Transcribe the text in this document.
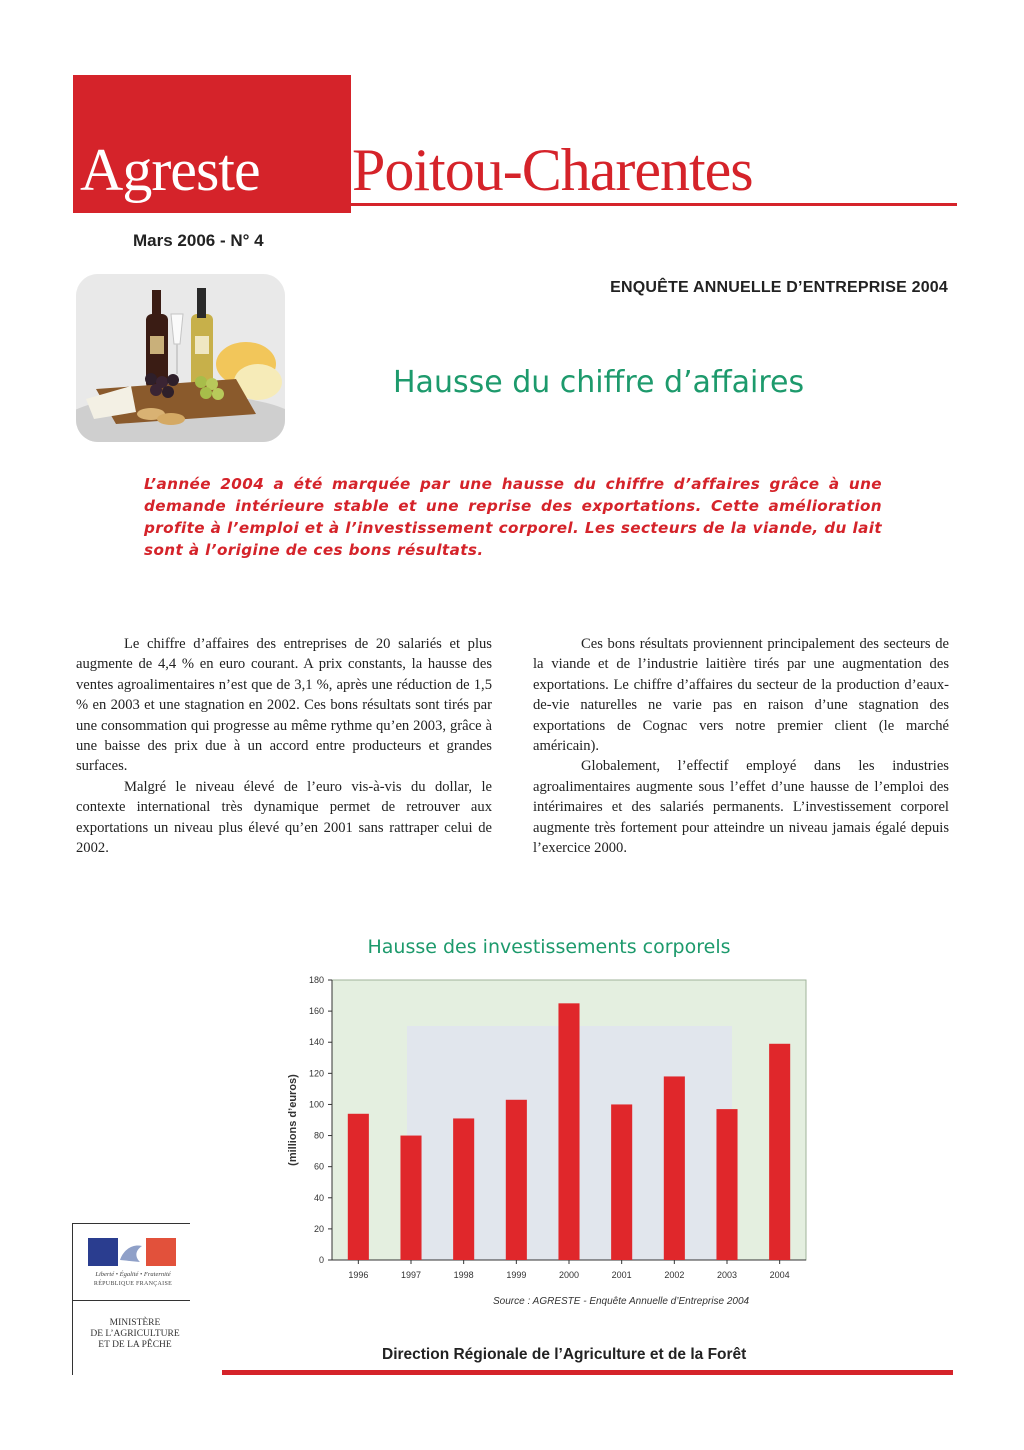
Agreste Poitou-Charentes
Mars 2006 - N° 4
ENQUÊTE ANNUELLE D’ENTREPRISE 2004
Hausse du chiffre d’affaires
L’année 2004 a été marquée par une hausse du chiffre d’affaires grâce à une demande intérieure stable et une reprise des exportations. Cette amélioration profite à l’emploi et à l’investissement corporel. Les secteurs de la viande, du lait sont à l’origine de ces bons résultats.

Le chiffre d’affaires des entreprises de 20 salariés et plus augmente de 4,4 % en euro courant. A prix constants, la hausse des ventes agroalimentaires n’est que de 3,1 %, après une réduction de 1,5 % en 2003 et une stagnation en 2002. Ces bons résultats sont tirés par une consommation qui progresse au même rythme qu’en 2003, grâce à une baisse des prix due à un accord entre producteurs et grandes surfaces.

Malgré le niveau élevé de l’euro vis-à-vis du dollar, le contexte international très dynamique permet de retrouver aux exportations un niveau plus élevé qu’en 2001 sans rattraper celui de 2002.

Ces bons résultats proviennent principalement des secteurs de la viande et de l’industrie laitière tirés par une augmentation des exportations. Le chiffre d’affaires du secteur de la production d’eaux-de-vie naturelles ne varie pas en raison d’une stagnation des exportations de Cognac vers notre premier client (le marché américain).

Globalement, l’effectif employé dans les industries agroalimentaires augmente sous l’effet d’une hausse de l’emploi des intérimaires et des salariés permanents. L’investissement corporel augmente très fortement pour atteindre un niveau jamais égalé depuis l’exercice 2000.

Hausse des investissements corporels
0
20
40
60
80
100
120
140
160
180
(millions d’euros)
1996	1997	1998	1999	2000	2001	2002	2003	2004
Source : AGRESTE - Enquête Annuelle d’Entreprise 2004
Liberté • Égalité • Fraternité
RÉPUBLIQUE FRANÇAISE
MINISTÈRE
DE L’AGRICULTURE
ET DE LA PÊCHE
Direction Régionale de l’Agriculture et de la Forêt
